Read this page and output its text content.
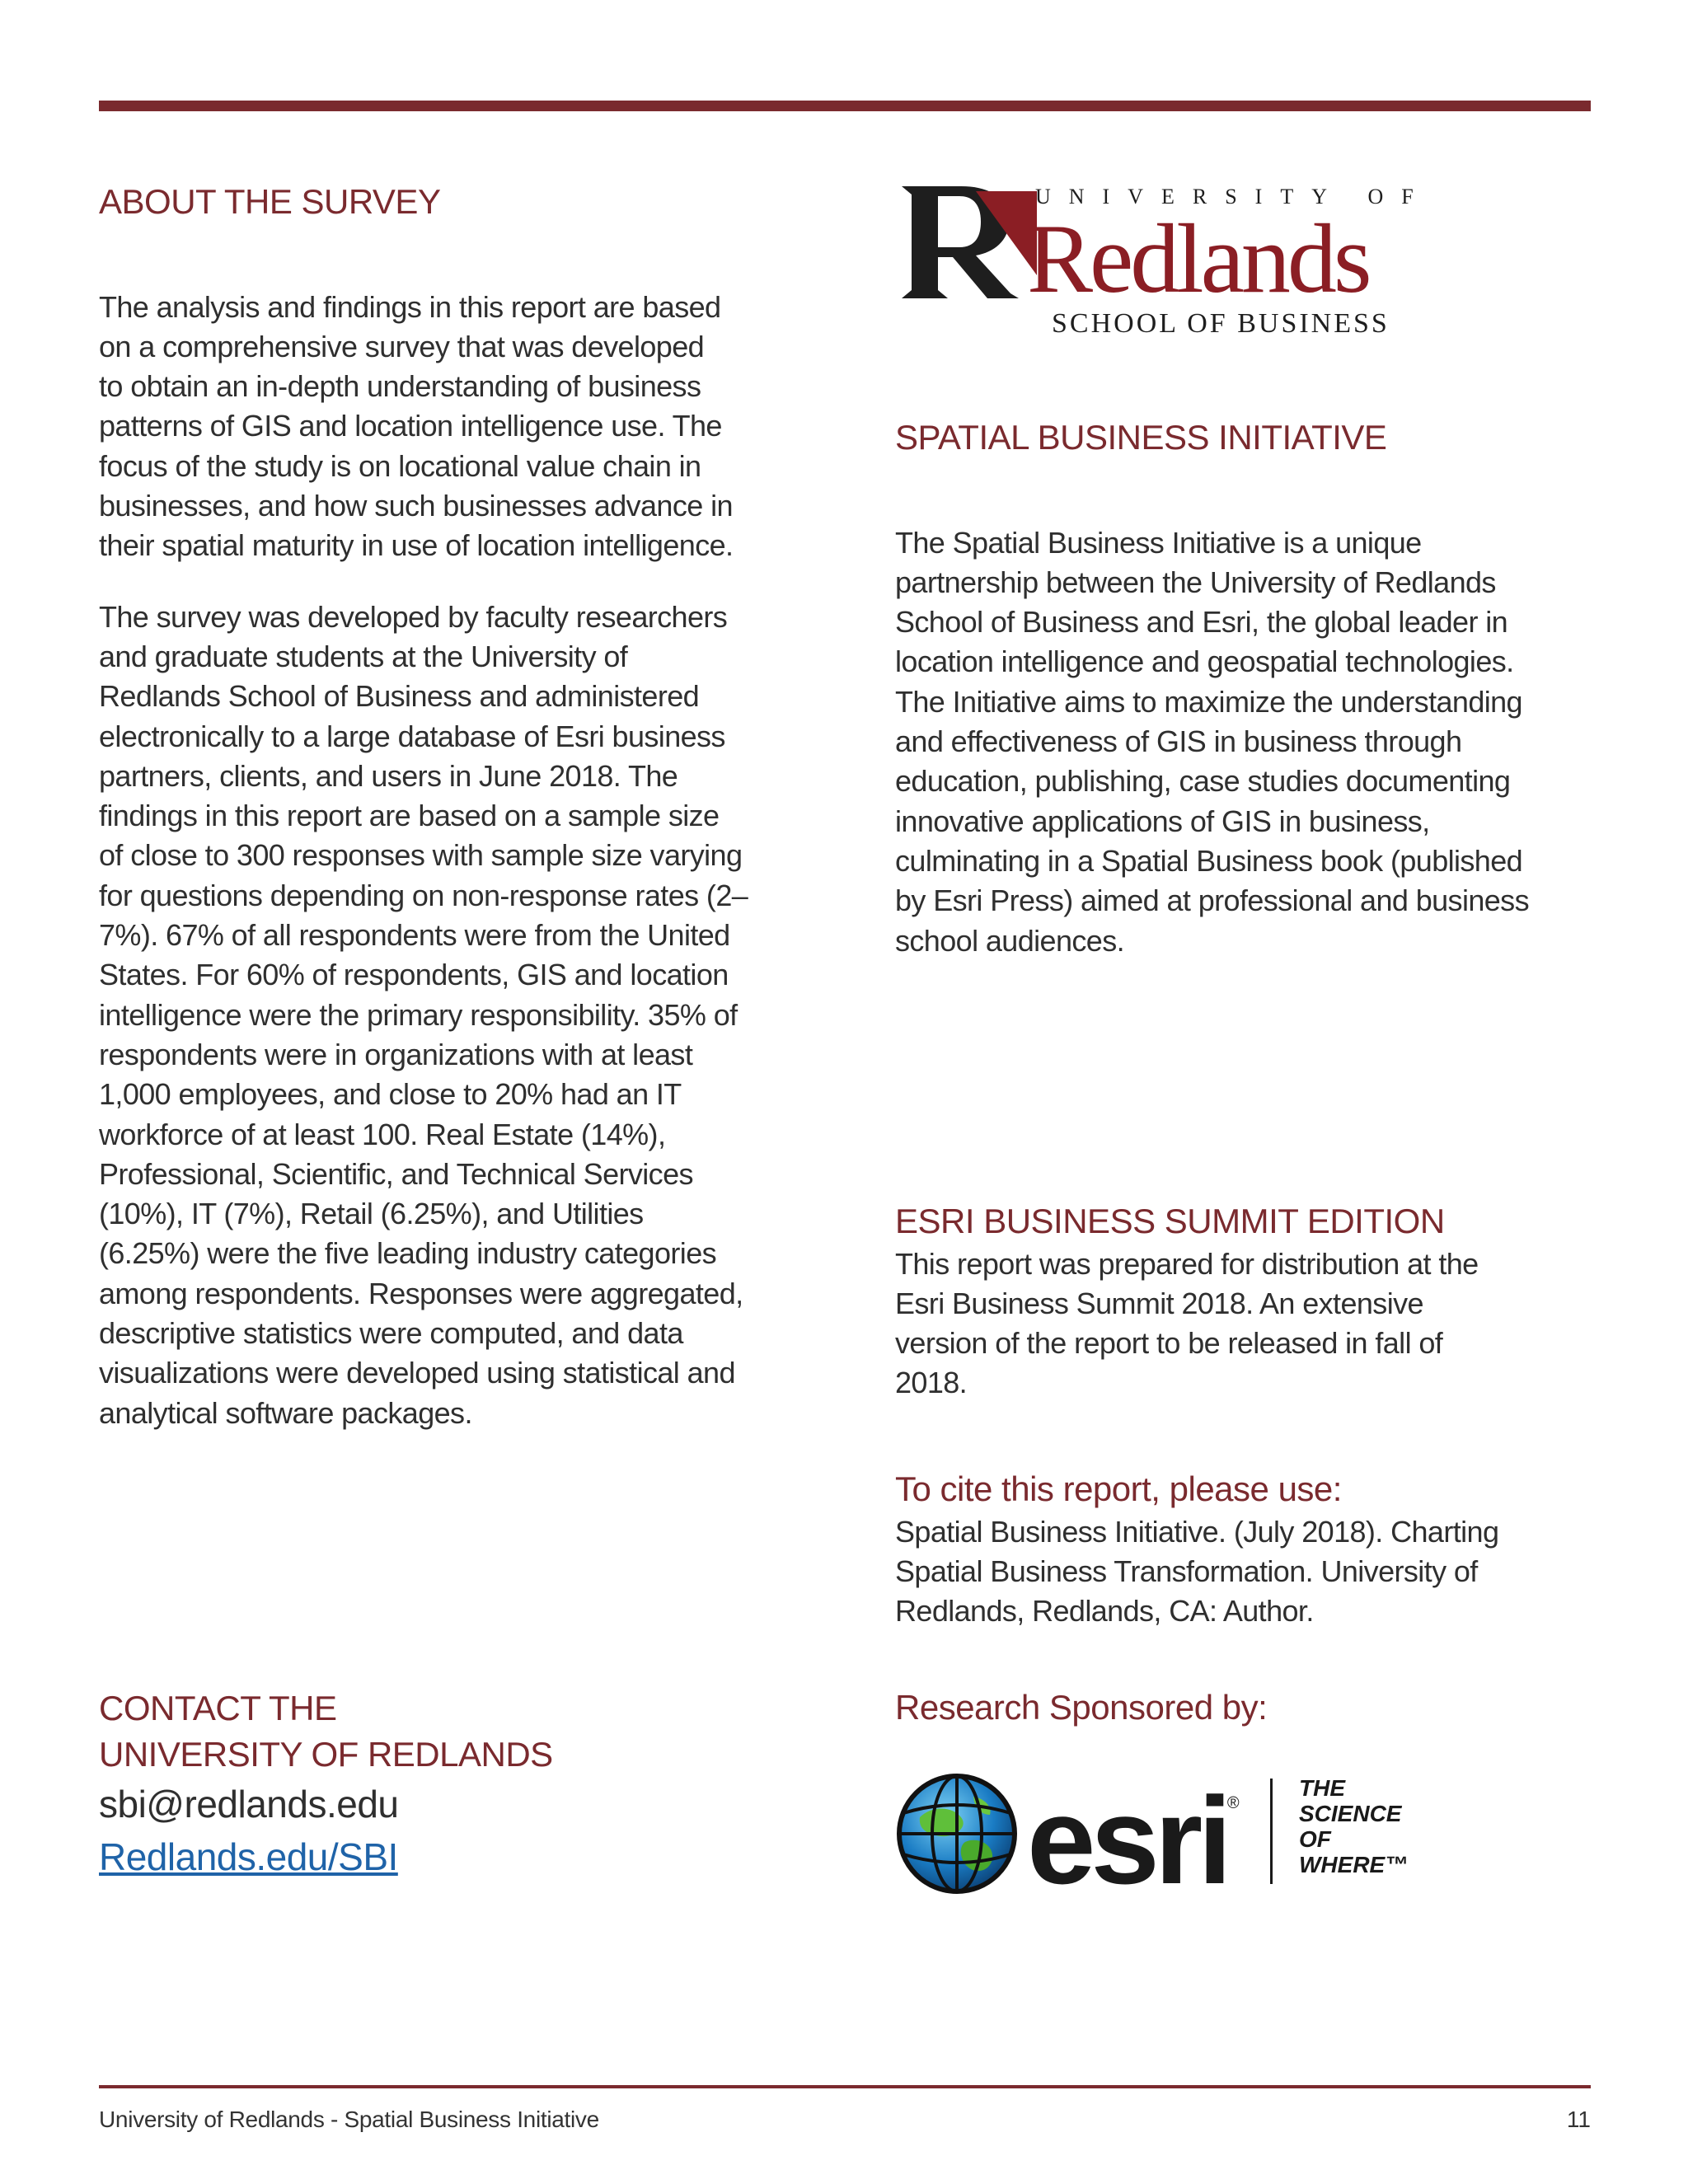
ABOUT THE SURVEY

The analysis and findings in this report are based on a comprehensive survey that was developed to obtain an in-depth understanding of business patterns of GIS and location intelligence use. The focus of the study is on locational value chain in businesses, and how such businesses advance in their spatial maturity in use of location intelligence.

The survey was developed by faculty researchers and graduate students at the University of Redlands School of Business and administered electronically to a large database of Esri business partners, clients, and users in June 2018. The findings in this report are based on a sample size of close to 300 responses with sample size varying for questions depending on non-response rates (2–7%). 67% of all respondents were from the United States. For 60% of respondents, GIS and location intelligence were the primary responsibility. 35% of respondents were in organizations with at least 1,000 employees, and close to 20% had an IT workforce of at least 100. Real Estate (14%), Professional, Scientific, and Technical Services (10%), IT (7%), Retail (6.25%), and Utilities (6.25%) were the five leading industry categories among respondents. Responses were aggregated, descriptive statistics were computed, and data visualizations were developed using statistical and analytical software packages.

CONTACT THE
UNIVERSITY OF REDLANDS

sbi@redlands.edu

Redlands.edu/SBI
UNIVERSITY OF
Redlands
SCHOOL OF BUSINESS
SPATIAL BUSINESS INITIATIVE

The Spatial Business Initiative is a unique partnership between the University of Redlands School of Business and Esri, the global leader in location intelligence and geospatial technologies. The Initiative aims to maximize the understanding and effectiveness of GIS in business through education, publishing, case studies documenting innovative applications of GIS in business, culminating in a Spatial Business book (published by Esri Press) aimed at professional and business school audiences.

ESRI BUSINESS SUMMIT EDITION

This report was prepared for distribution at the Esri Business Summit 2018. An extensive version of the report to be released in fall of 2018.

To cite this report, please use:

Spatial Business Initiative. (July 2018). Charting Spatial Business Transformation. University of Redlands, Redlands, CA: Author.

Research Sponsored by:
esri®
THE
SCIENCE
OF
WHERE™
University of Redlands - Spatial Business Initiative	11
